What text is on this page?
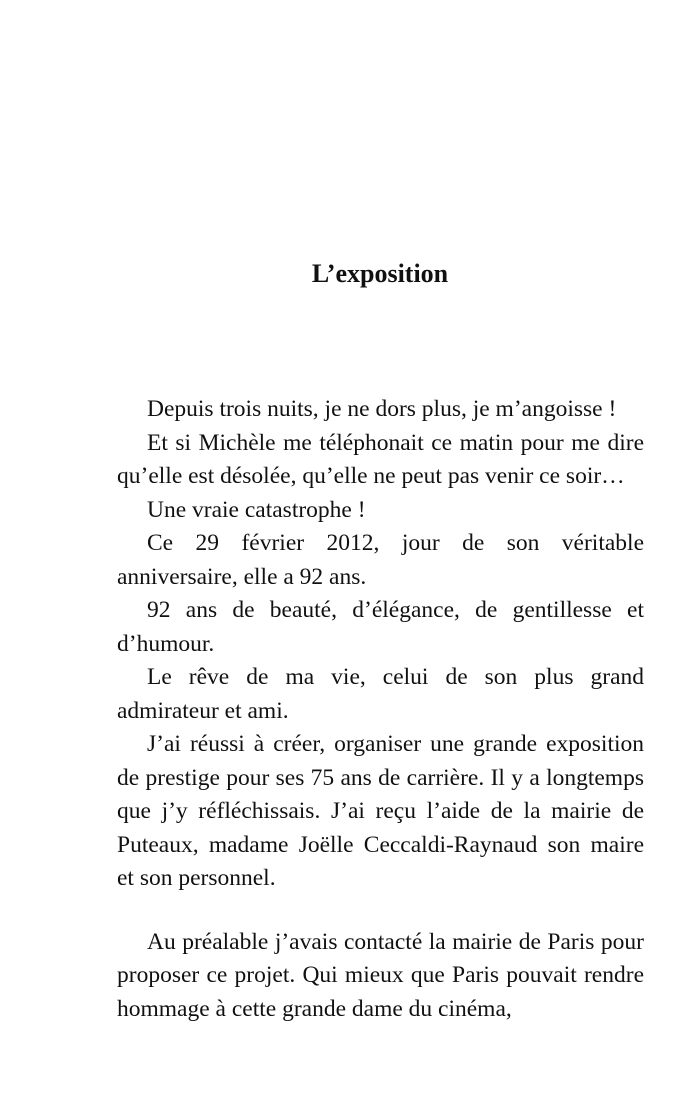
L’exposition

Depuis trois nuits, je ne dors plus, je m’angoisse !

Et si Michèle me téléphonait ce matin pour me dire qu’elle est désolée, qu’elle ne peut pas venir ce soir…

Une vraie catastrophe !

Ce 29 février 2012, jour de son véritable anniversaire, elle a 92 ans.

92 ans de beauté, d’élégance, de gentillesse et d’humour.

Le rêve de ma vie, celui de son plus grand admirateur et ami.

J’ai réussi à créer, organiser une grande exposition de prestige pour ses 75 ans de carrière. Il y a longtemps que j’y réfléchissais. J’ai reçu l’aide de la mairie de Puteaux, madame Joëlle Ceccaldi-Raynaud son maire et son personnel.

Au préalable j’avais contacté la mairie de Paris pour proposer ce projet. Qui mieux que Paris pouvait rendre hommage à cette grande dame du cinéma,
